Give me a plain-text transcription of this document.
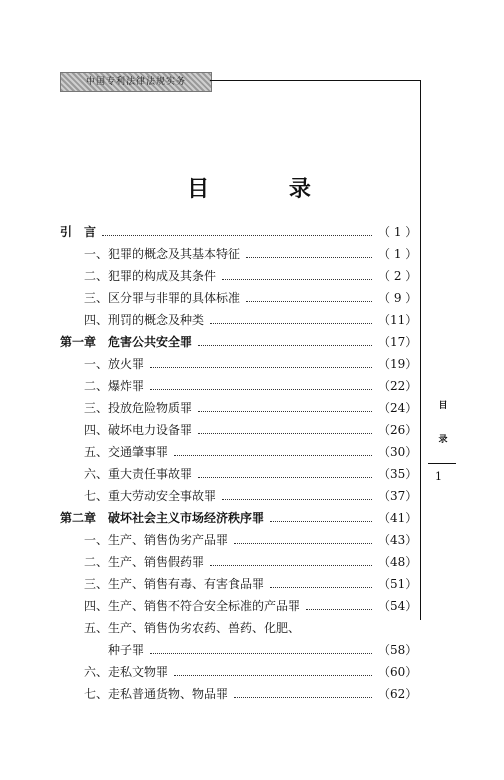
中国专利法律法规实务
目
录
1
目 录
引　言	（ 1 ）
一、犯罪的概念及其基本特征	（ 1 ）
二、犯罪的构成及其条件	（ 2 ）
三、区分罪与非罪的具体标准	（ 9 ）
四、刑罚的概念及种类	（11）
第一章　危害公共安全罪	（17）
一、放火罪	（19）
二、爆炸罪	（22）
三、投放危险物质罪	（24）
四、破坏电力设备罪	（26）
五、交通肇事罪	（30）
六、重大责任事故罪	（35）
七、重大劳动安全事故罪	（37）
第二章　破坏社会主义市场经济秩序罪	（41）
一、生产、销售伪劣产品罪	（43）
二、生产、销售假药罪	（48）
三、生产、销售有毒、有害食品罪	（51）
四、生产、销售不符合安全标准的产品罪	（54）
五、生产、销售伪劣农药、兽药、化肥、
种子罪	（58）
六、走私文物罪	（60）
七、走私普通货物、物品罪	（62）
